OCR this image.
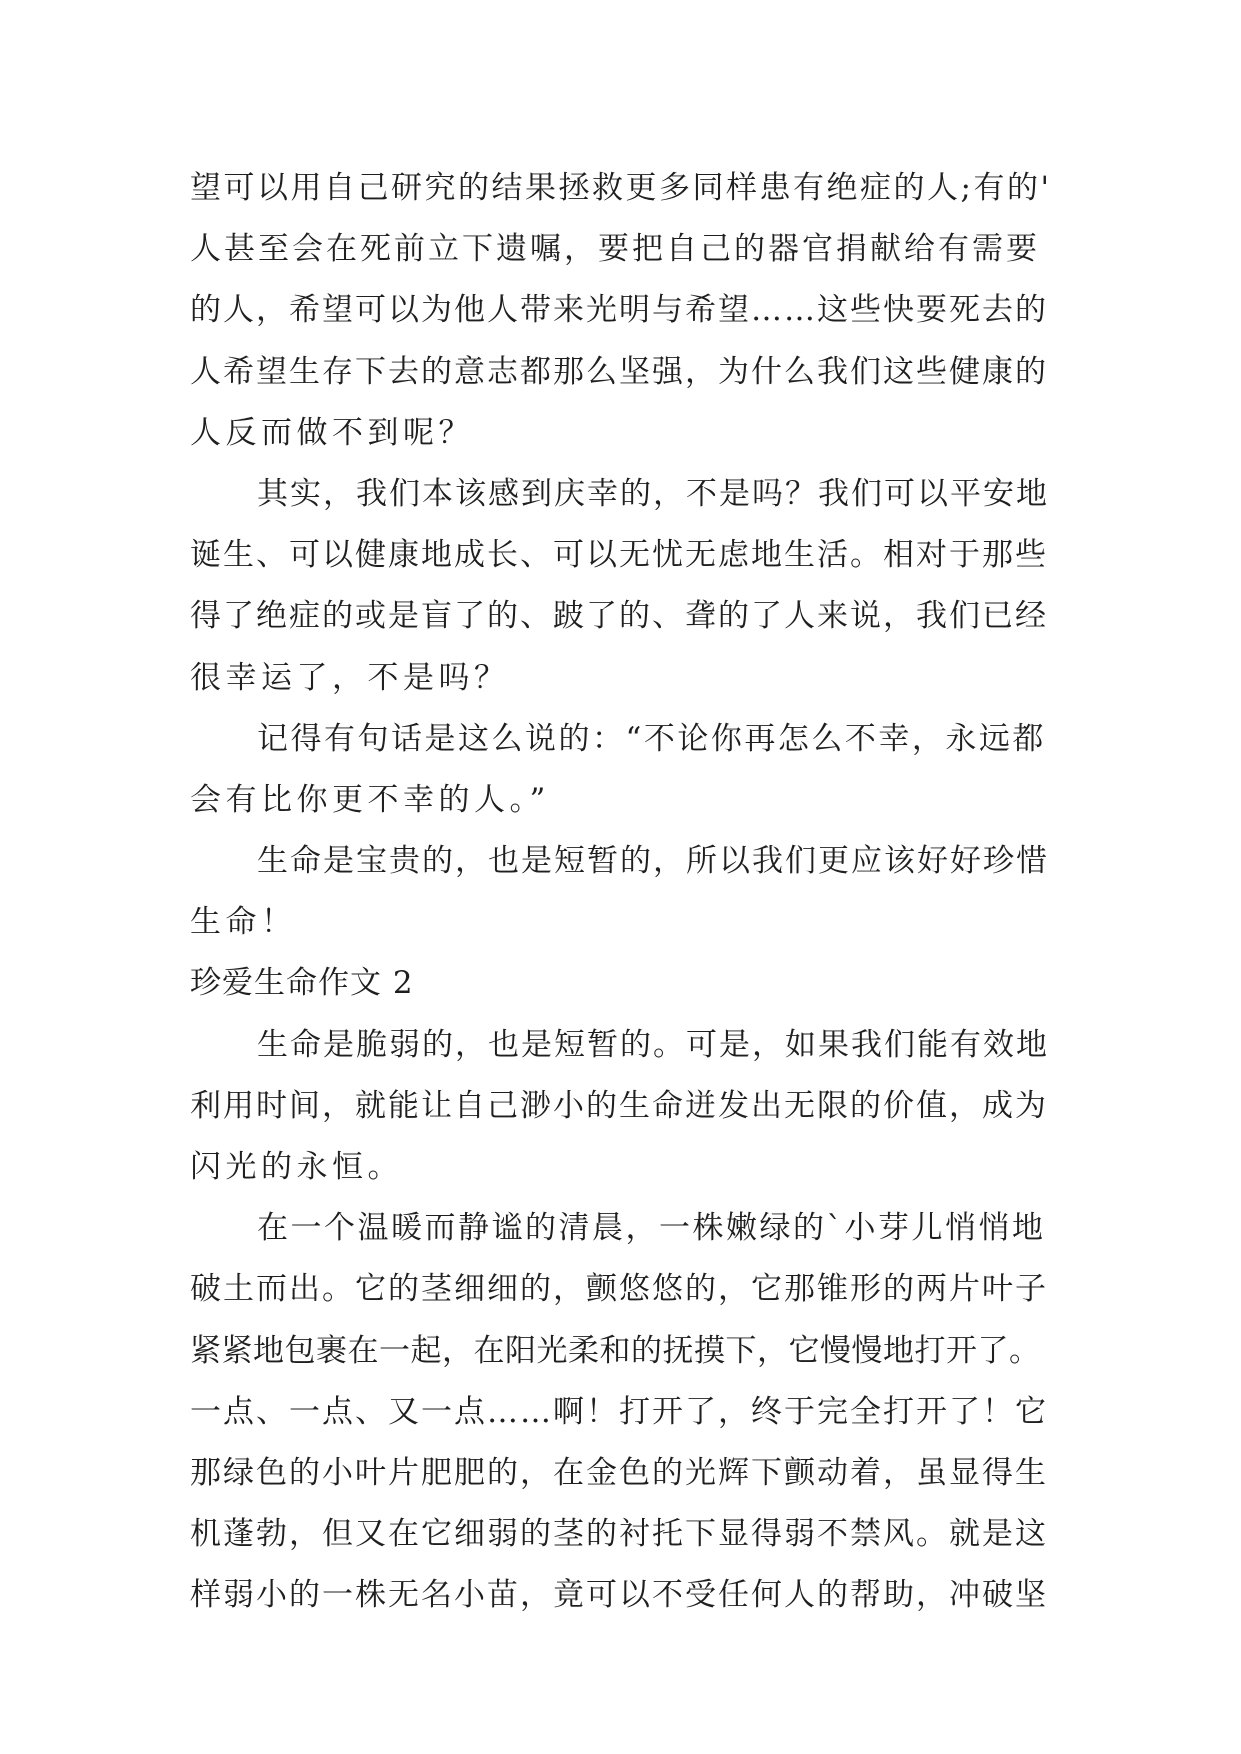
望可以用自己研究的结果拯救更多同样患有绝症的人;有的'
人甚至会在死前立下遗嘱，要把自己的器官捐献给有需要
的人，希望可以为他人带来光明与希望……这些快要死去的
人希望生存下去的意志都那么坚强，为什么我们这些健康的
人反而做不到呢？
其实，我们本该感到庆幸的，不是吗？我们可以平安地
诞生、可以健康地成长、可以无忧无虑地生活。相对于那些
得了绝症的或是盲了的、跛了的、聋的了人来说，我们已经
很幸运了，不是吗？
记得有句话是这么说的：“不论你再怎么不幸，永远都
会有比你更不幸的人。”
生命是宝贵的，也是短暂的，所以我们更应该好好珍惜
生命！
珍爱生命作文 2
生命是脆弱的，也是短暂的。可是，如果我们能有效地
利用时间，就能让自己渺小的生命迸发出无限的价值，成为
闪光的永恒。
在一个温暖而静谧的清晨，一株嫩绿的`小芽儿悄悄地
破土而出。它的茎细细的，颤悠悠的，它那锥形的两片叶子
紧紧地包裹在一起，在阳光柔和的抚摸下，它慢慢地打开了。
一点、一点、又一点……啊！打开了，终于完全打开了！它
那绿色的小叶片肥肥的，在金色的光辉下颤动着，虽显得生
机蓬勃，但又在它细弱的茎的衬托下显得弱不禁风。就是这
样弱小的一株无名小苗，竟可以不受任何人的帮助，冲破坚
